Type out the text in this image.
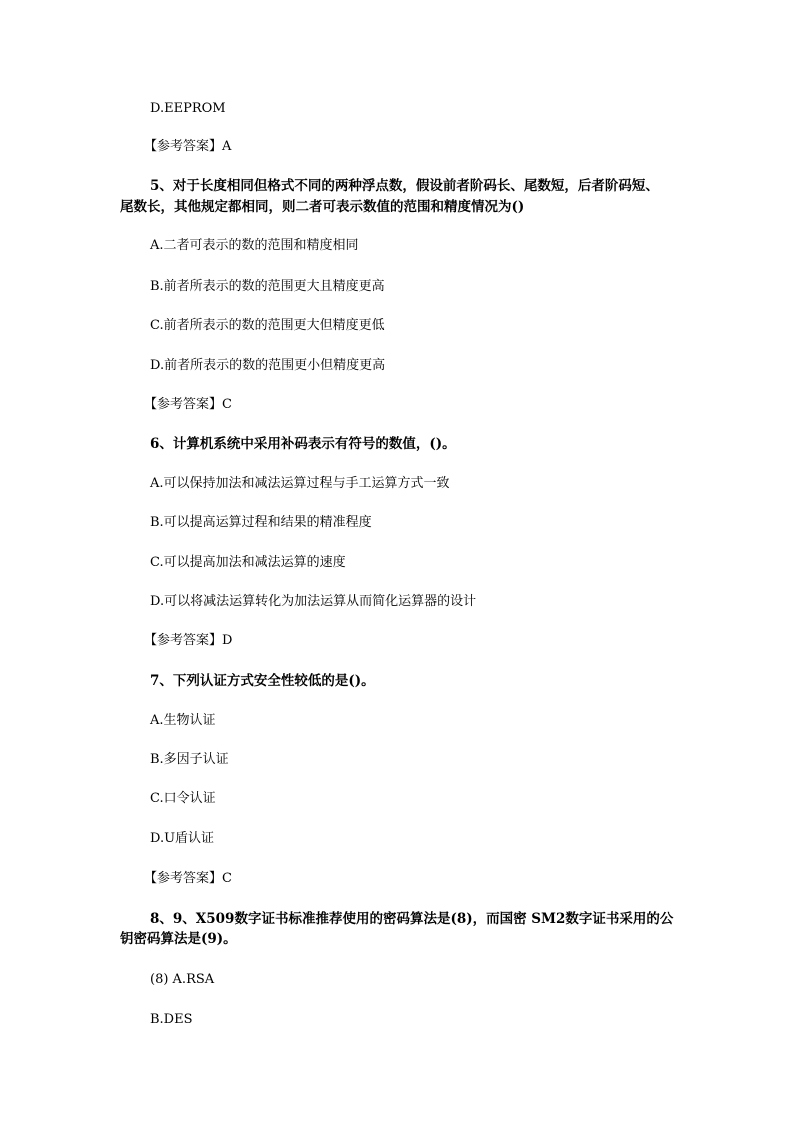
D.EEPROM
【参考答案】A
5、对于长度相同但格式不同的两种浮点数，假设前者阶码长、尾数短，后者阶码短、
尾数长，其他规定都相同，则二者可表示数值的范围和精度情况为()
A.二者可表示的数的范围和精度相同
B.前者所表示的数的范围更大且精度更高
C.前者所表示的数的范围更大但精度更低
D.前者所表示的数的范围更小但精度更高
【参考答案】C
6、计算机系统中采用补码表示有符号的数值，()。
A.可以保持加法和减法运算过程与手工运算方式一致
B.可以提高运算过程和结果的精准程度
C.可以提高加法和减法运算的速度
D.可以将减法运算转化为加法运算从而简化运算器的设计
【参考答案】D
7、下列认证方式安全性较低的是()。
A.生物认证
B.多因子认证
C.口令认证
D.U盾认证
【参考答案】C
8、9、X509数字证书标准推荐使用的密码算法是(8)，而国密 SM2数字证书采用的公
钥密码算法是(9)。
(8) A.RSA
B.DES
